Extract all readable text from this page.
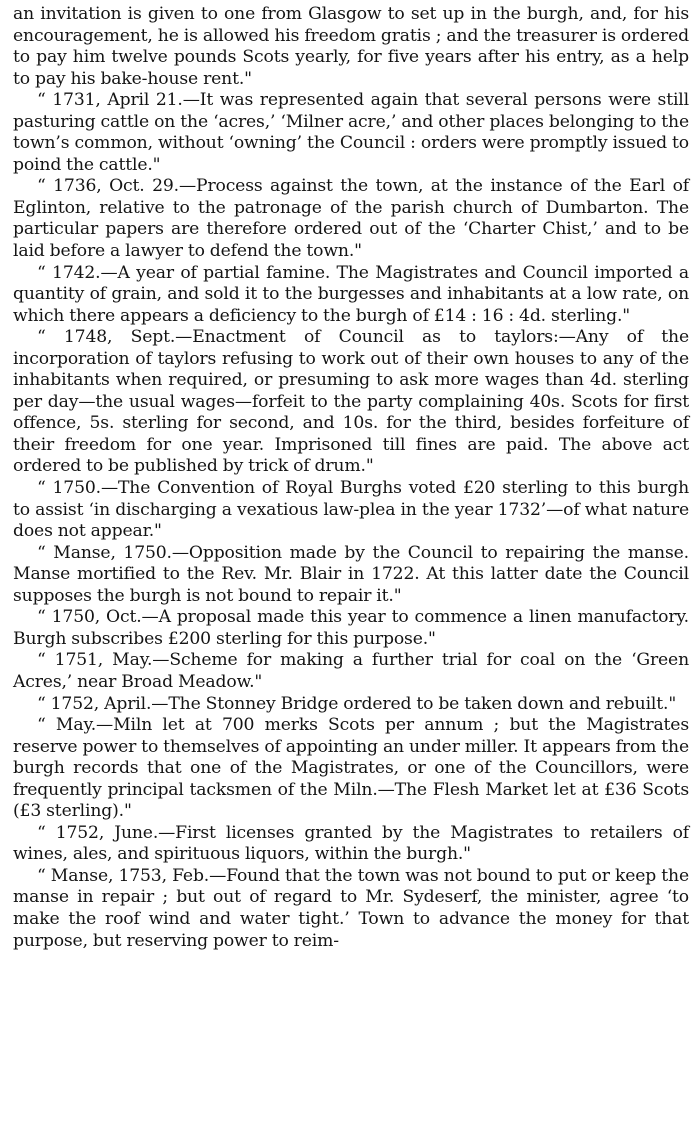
an invitation is given to one from Glasgow to set up in the burgh, and, for his encouragement, he is allowed his freedom gratis ; and the treasurer is ordered to pay him twelve pounds Scots yearly, for five years after his entry, as a help to pay his bake-house rent."

“ 1731, April 21.—It was represented again that several persons were still pasturing cattle on the ‘acres,’ ‘Milner acre,’ and other places belonging to the town’s common, without ‘owning’ the Council : orders were promptly issued to poind the cattle."

“ 1736, Oct. 29.—Process against the town, at the instance of the Earl of Eglinton, relative to the patronage of the parish church of Dumbarton. The particular papers are therefore ordered out of the ‘Charter Chist,’ and to be laid before a lawyer to defend the town."

“ 1742.—A year of partial famine. The Magistrates and Council imported a quantity of grain, and sold it to the burgesses and inhabitants at a low rate, on which there appears a deficiency to the burgh of £14 : 16 : 4d. sterling."

“ 1748, Sept.—Enactment of Council as to taylors:—Any of the incorporation of taylors refusing to work out of their own houses to any of the inhabitants when required, or presuming to ask more wages than 4d. sterling per day—the usual wages—forfeit to the party complaining 40s. Scots for first offence, 5s. sterling for second, and 10s. for the third, besides forfeiture of their freedom for one year. Imprisoned till fines are paid. The above act ordered to be published by trick of drum."

“ 1750.—The Convention of Royal Burghs voted £20 sterling to this burgh to assist ‘in discharging a vexatious law-plea in the year 1732’—of what nature does not appear."

“ Manse, 1750.—Opposition made by the Council to repairing the manse. Manse mortified to the Rev. Mr. Blair in 1722. At this latter date the Council supposes the burgh is not bound to repair it."

“ 1750, Oct.—A proposal made this year to commence a linen manufactory. Burgh subscribes £200 sterling for this purpose."

“ 1751, May.—Scheme for making a further trial for coal on the ‘Green Acres,’ near Broad Meadow."

“ 1752, April.—The Stonney Bridge ordered to be taken down and rebuilt."

“ May.—Miln let at 700 merks Scots per annum ; but the Magistrates reserve power to themselves of appointing an under miller. It appears from the burgh records that one of the Magistrates, or one of the Councillors, were frequently principal tacksmen of the Miln.—The Flesh Market let at £36 Scots (£3 sterling)."

“ 1752, June.—First licenses granted by the Magistrates to retailers of wines, ales, and spirituous liquors, within the burgh."

“ Manse, 1753, Feb.—Found that the town was not bound to put or keep the manse in repair ; but out of regard to Mr. Sydeserf, the minister, agree ‘to make the roof wind and water tight.’ Town to advance the money for that purpose, but reserving power to reim-
